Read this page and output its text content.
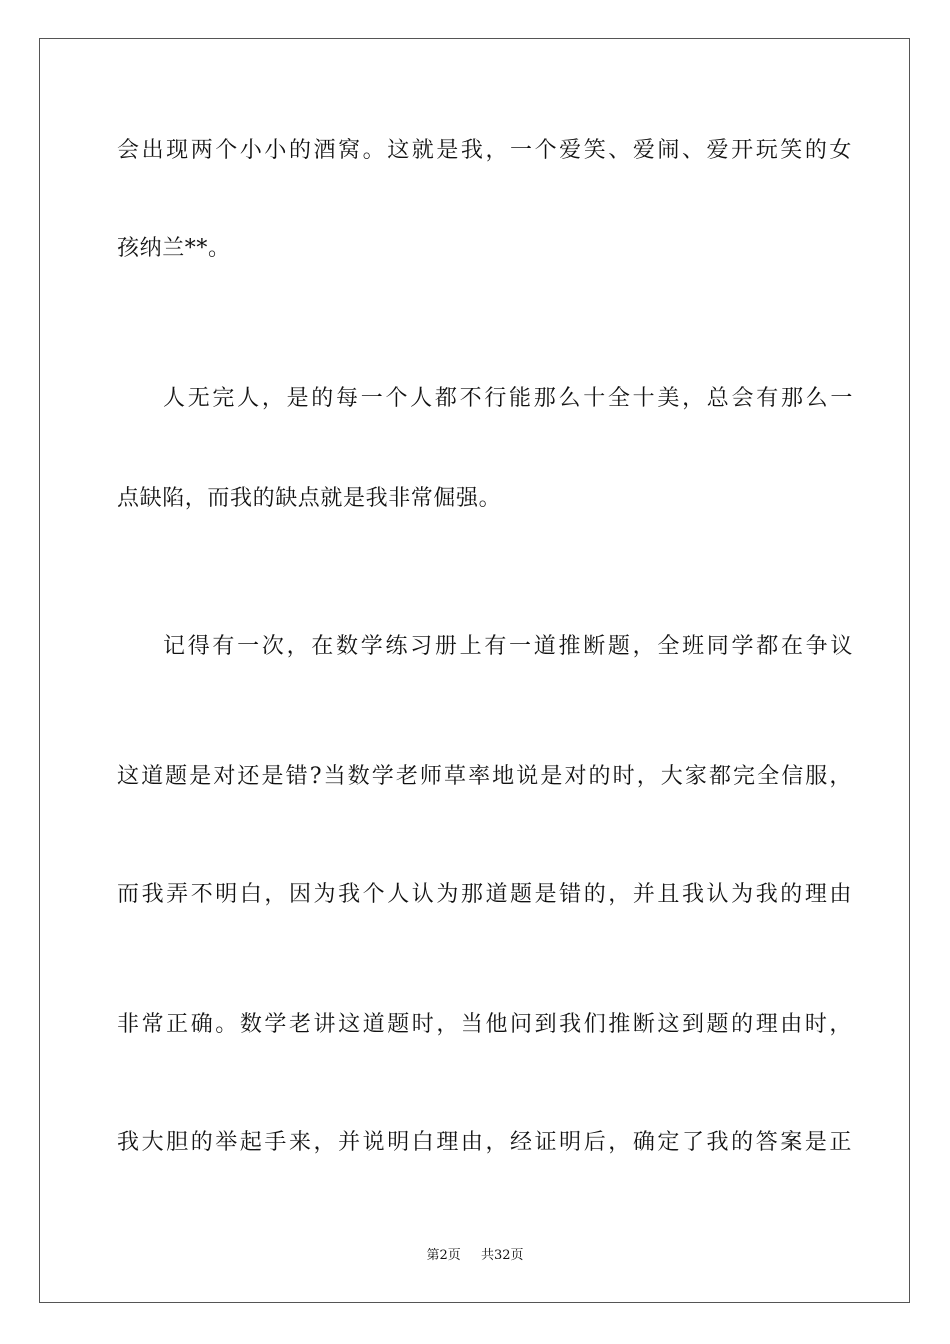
会出现两个小小的酒窝。这就是我，一个爱笑、爱闹、爱开玩笑的女
孩纳兰**。
人无完人，是的每一个人都不行能那么十全十美，总会有那么一
点缺陷，而我的缺点就是我非常倔强。
记得有一次，在数学练习册上有一道推断题，全班同学都在争议
这道题是对还是错?当数学老师草率地说是对的时，大家都完全信服，
而我弄不明白，因为我个人认为那道题是错的，并且我认为我的理由
非常正确。数学老讲这道题时，当他问到我们推断这到题的理由时，
我大胆的举起手来，并说明白理由，经证明后，确定了我的答案是正
第2页 共32页
